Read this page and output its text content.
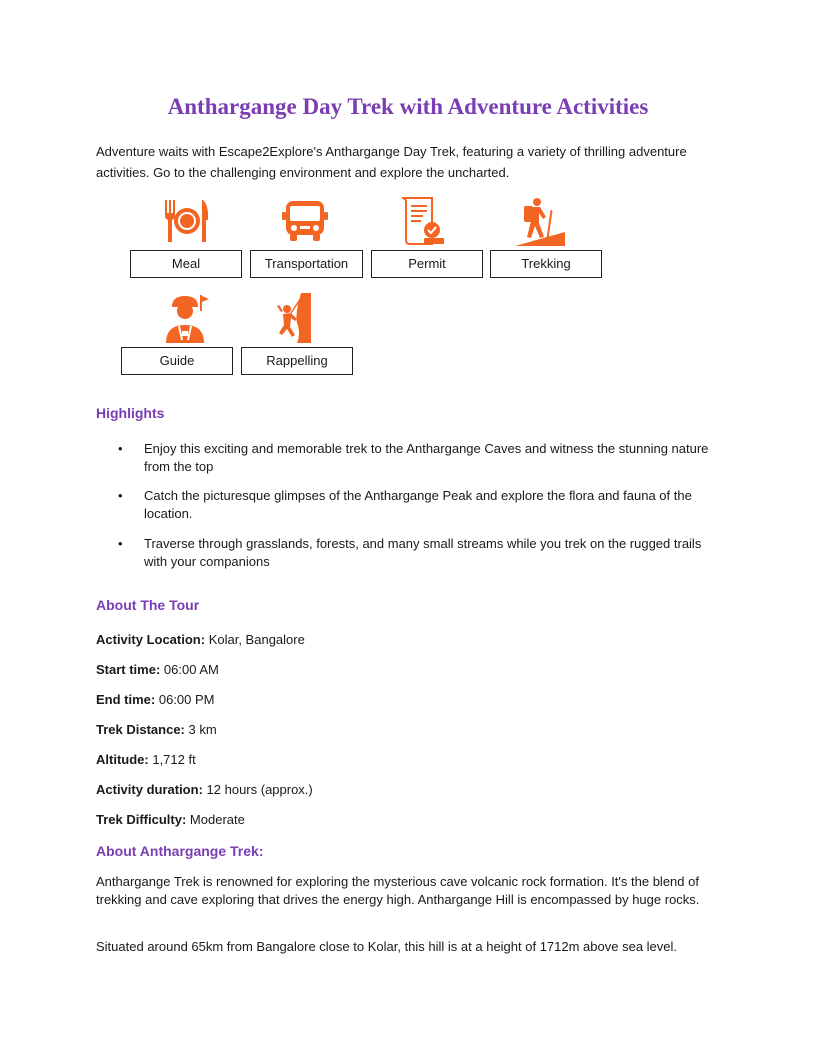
Anthargange Day Trek with Adventure Activities
Adventure waits with Escape2Explore's Anthargange Day Trek, featuring a variety of thrilling adventure activities. Go to the challenging environment and explore the uncharted.
Meal	Transportation	Permit	Trekking
Guide	Rappelling
Highlights
• Enjoy this exciting and memorable trek to the Anthargange Caves and witness the stunning nature from the top
• Catch the picturesque glimpses of the Anthargange Peak and explore the flora and fauna of the location.
• Traverse through grasslands, forests, and many small streams while you trek on the rugged trails with your companions
About The Tour
Activity Location: Kolar, Bangalore
Start time: 06:00 AM
End time: 06:00 PM
Trek Distance: 3 km
Altitude: 1,712 ft
Activity duration: 12 hours (approx.)
Trek Difficulty: Moderate
About Anthargange Trek:
Anthargange Trek is renowned for exploring the mysterious cave volcanic rock formation. It's the blend of trekking and cave exploring that drives the energy high. Anthargange Hill is encompassed by huge rocks.
Situated around 65km from Bangalore close to Kolar, this hill is at a height of 1712m above sea level.
